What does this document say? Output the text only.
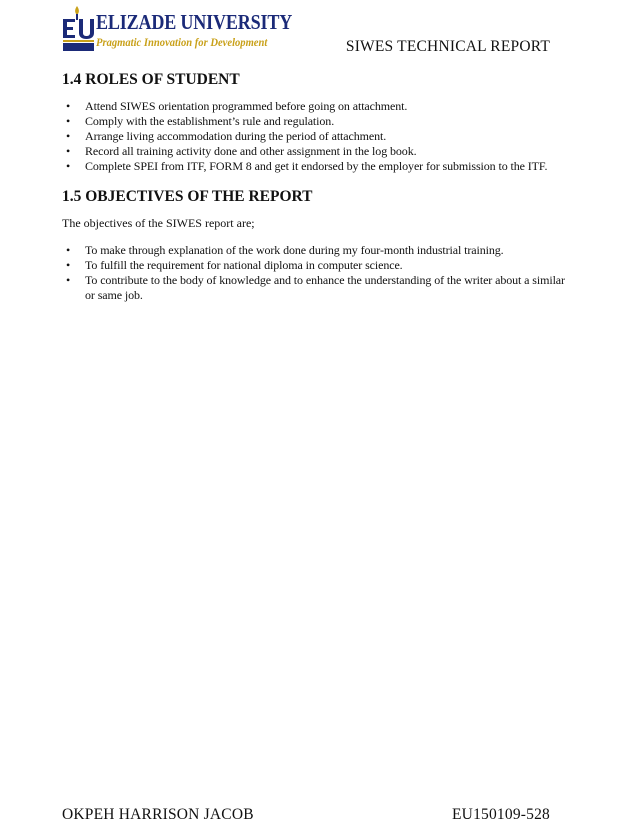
ELIZADE UNIVERSITY
Pragmatic Innovation for Development	SIWES TECHNICAL REPORT
1.4 ROLES OF STUDENT
• Attend SIWES orientation programmed before going on attachment.
• Comply with the establishment’s rule and regulation.
• Arrange living accommodation during the period of attachment.
• Record all training activity done and other assignment in the log book.
• Complete SPEI from ITF, FORM 8 and get it endorsed by the employer for submission to the ITF.
1.5 OBJECTIVES OF THE REPORT

The objectives of the SIWES report are;

• To make through explanation of the work done during my four-month industrial training.
• To fulfill the requirement for national diploma in computer science.
• To contribute to the body of knowledge and to enhance the understanding of the writer about a similar or same job.
OKPEH HARRISON JACOB	EU150109-528
